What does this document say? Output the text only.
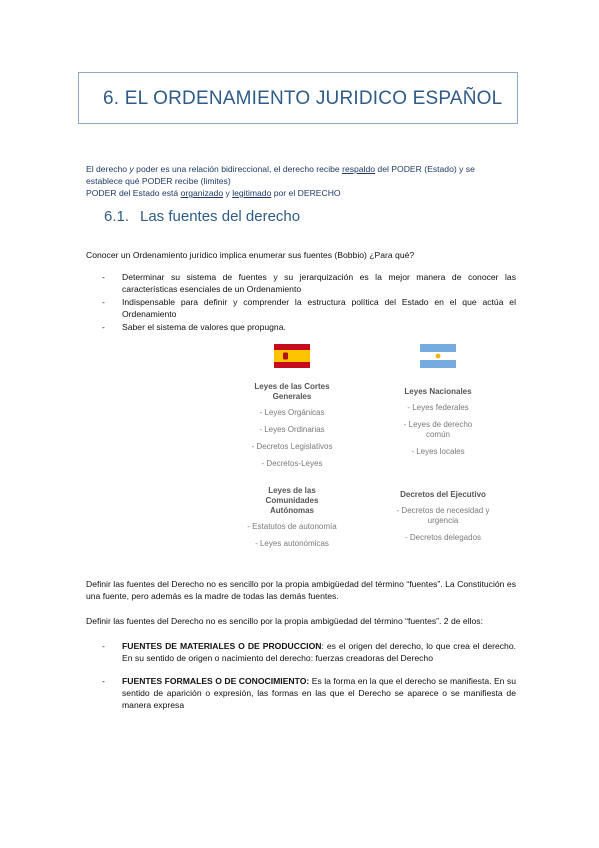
6. EL ORDENAMIENTO JURIDICO ESPAÑOL
El derecho y poder es una relación bidireccional, el derecho recibe respaldo del PODER (Estado) y se
establece qué PODER recibe (limites)
PODER del Estado está organizado y legitimado por el DERECHO
6.1. Las fuentes del derecho
Conocer un Ordenamiento jurídico implica enumerar sus fuentes (Bobbio) ¿Para qué?
- Determinar su sistema de fuentes y su jerarquización es la mejor manera de conocer las características esenciales de un Ordenamiento
- Indispensable para definir y comprender la estructura política del Estado en el que actúa el Ordenamiento
- Saber el sistema de valores que propugna.
Leyes de las Cortes
Generales
- Leyes Orgánicas
- Leyes Ordinarias
- Decretos Legislativos
- Decretos-Leyes
Leyes Nacionales
- Leyes federales
- Leyes de derecho
común
- Leyes locales
Leyes de las
Comunidades
Autónomas
- Estatutos de autonomía
- Leyes autonómicas
Decretos del Ejecutivo
- Decretos de necesidad y
urgencia
- Decretos delegados
Definir las fuentes del Derecho no es sencillo por la propia ambigüedad del término “fuentes”. La Constitución es una fuente, pero además es la madre de todas las demás fuentes.
Definir las fuentes del Derecho no es sencillo por la propia ambigüedad del término “fuentes”. 2 de ellos:
- FUENTES DE MATERIALES O DE PRODUCCION: es el origen del derecho, lo que crea el derecho. En su sentido de origen o nacimiento del derecho: fuerzas creadoras del Derecho
- FUENTES FORMALES O DE CONOCIMIENTO: Es la forma en la que el derecho se manifiesta. En su sentido de aparición o expresión, las formas en las que el Derecho se aparece o se manifiesta de manera expresa
